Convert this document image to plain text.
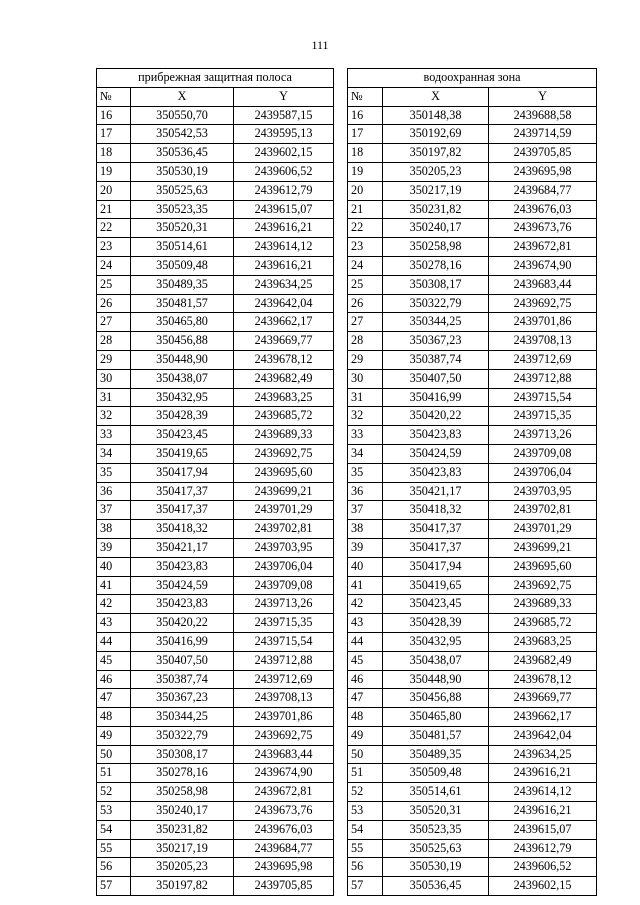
111
прибрежная защитная полоса				водоохранная зона		
№	X	Y		№	X	Y
16	350550,70	2439587,15		16	350148,38	2439688,58
17	350542,53	2439595,13		17	350192,69	2439714,59
18	350536,45	2439602,15		18	350197,82	2439705,85
19	350530,19	2439606,52		19	350205,23	2439695,98
20	350525,63	2439612,79		20	350217,19	2439684,77
21	350523,35	2439615,07		21	350231,82	2439676,03
22	350520,31	2439616,21		22	350240,17	2439673,76
23	350514,61	2439614,12		23	350258,98	2439672,81
24	350509,48	2439616,21		24	350278,16	2439674,90
25	350489,35	2439634,25		25	350308,17	2439683,44
26	350481,57	2439642,04		26	350322,79	2439692,75
27	350465,80	2439662,17		27	350344,25	2439701,86
28	350456,88	2439669,77		28	350367,23	2439708,13
29	350448,90	2439678,12		29	350387,74	2439712,69
30	350438,07	2439682,49		30	350407,50	2439712,88
31	350432,95	2439683,25		31	350416,99	2439715,54
32	350428,39	2439685,72		32	350420,22	2439715,35
33	350423,45	2439689,33		33	350423,83	2439713,26
34	350419,65	2439692,75		34	350424,59	2439709,08
35	350417,94	2439695,60		35	350423,83	2439706,04
36	350417,37	2439699,21		36	350421,17	2439703,95
37	350417,37	2439701,29		37	350418,32	2439702,81
38	350418,32	2439702,81		38	350417,37	2439701,29
39	350421,17	2439703,95		39	350417,37	2439699,21
40	350423,83	2439706,04		40	350417,94	2439695,60
41	350424,59	2439709,08		41	350419,65	2439692,75
42	350423,83	2439713,26		42	350423,45	2439689,33
43	350420,22	2439715,35		43	350428,39	2439685,72
44	350416,99	2439715,54		44	350432,95	2439683,25
45	350407,50	2439712,88		45	350438,07	2439682,49
46	350387,74	2439712,69		46	350448,90	2439678,12
47	350367,23	2439708,13		47	350456,88	2439669,77
48	350344,25	2439701,86		48	350465,80	2439662,17
49	350322,79	2439692,75		49	350481,57	2439642,04
50	350308,17	2439683,44		50	350489,35	2439634,25
51	350278,16	2439674,90		51	350509,48	2439616,21
52	350258,98	2439672,81		52	350514,61	2439614,12
53	350240,17	2439673,76		53	350520,31	2439616,21
54	350231,82	2439676,03		54	350523,35	2439615,07
55	350217,19	2439684,77		55	350525,63	2439612,79
56	350205,23	2439695,98		56	350530,19	2439606,52
57	350197,82	2439705,85		57	350536,45	2439602,15
